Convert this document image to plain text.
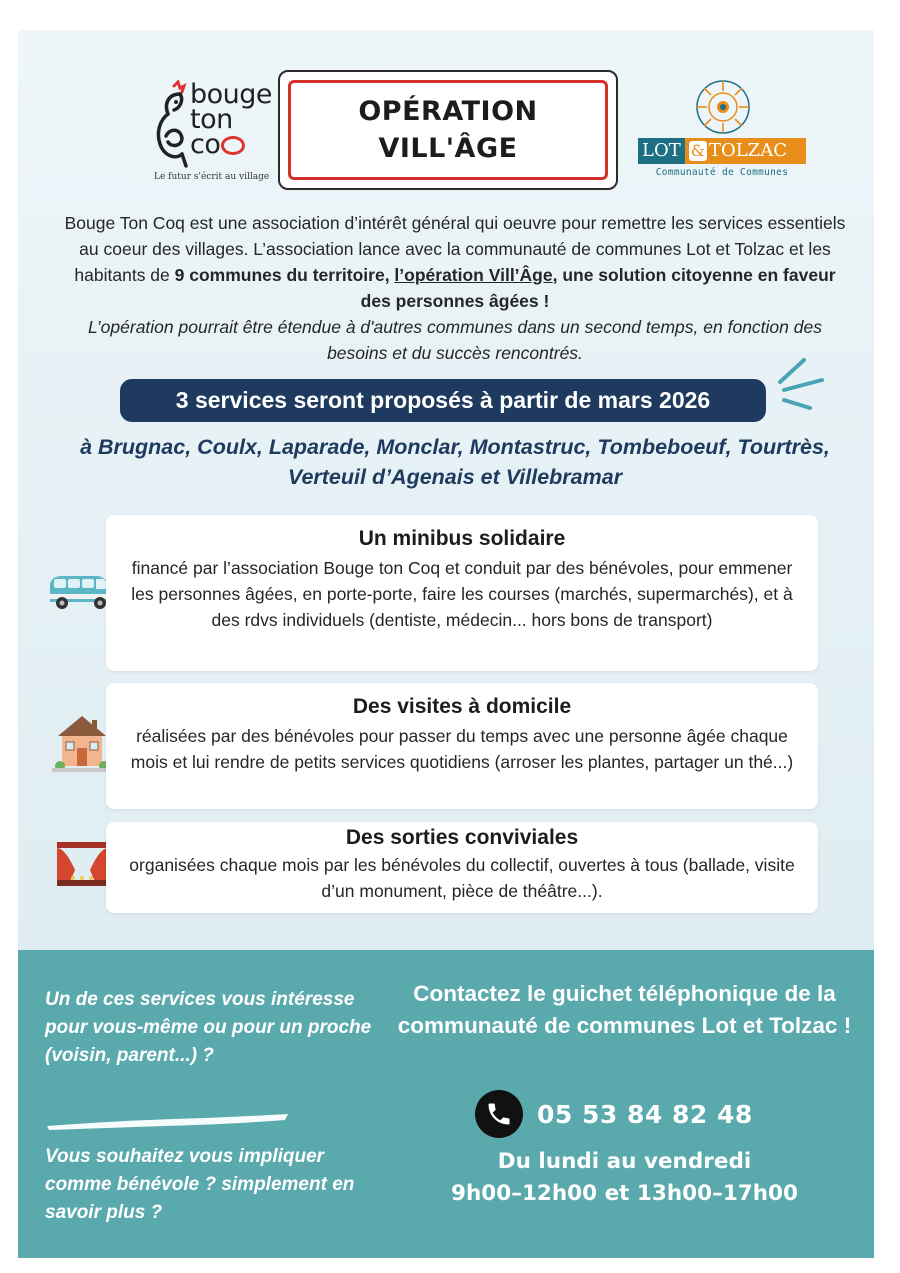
bouge
ton
co
Le futur s'écrit au village
OPÉRATION
VILL'ÂGE	LOT & TOLZAC
Communauté de Communes
Bouge Ton Coq est une association d’intérêt général qui oeuvre pour remettre les services essentiels au coeur des villages. L’association lance avec la communauté de communes Lot et Tolzac et les habitants de 9 communes du territoire, l’opération Vill’Âge, une solution citoyenne en faveur des personnes âgées !
L’opération pourrait être étendue à d'autres communes dans un second temps, en fonction des besoins et du succès rencontrés.
3 services seront proposés à partir de mars 2026
à Brugnac, Coulx, Laparade, Monclar, Montastruc, Tombeboeuf, Tourtrès, Verteuil d’Agenais et Villebramar
Un minibus solidaire

financé par l’association Bouge ton Coq et conduit par des bénévoles, pour emmener les personnes âgées, en porte-porte, faire les courses (marchés, supermarchés), et à des rdvs individuels (dentiste, médecin... hors bons de transport)

Des visites à domicile

réalisées par des bénévoles pour passer du temps avec une personne âgée chaque mois et lui rendre de petits services quotidiens (arroser les plantes, partager un thé...)

Des sorties conviviales

organisées chaque mois par les bénévoles du collectif, ouvertes à tous (ballade, visite d’un monument, pièce de théâtre...).

Un de ces services vous intéresse pour vous-même ou pour un proche (voisin, parent...) ?
Vous souhaitez vous impliquer comme bénévole ? simplement en savoir plus ?
Contactez le guichet téléphonique de la communauté de communes Lot et Tolzac !
05 53 84 82 48
Du lundi au vendredi
9h00–12h00 et 13h00–17h00
